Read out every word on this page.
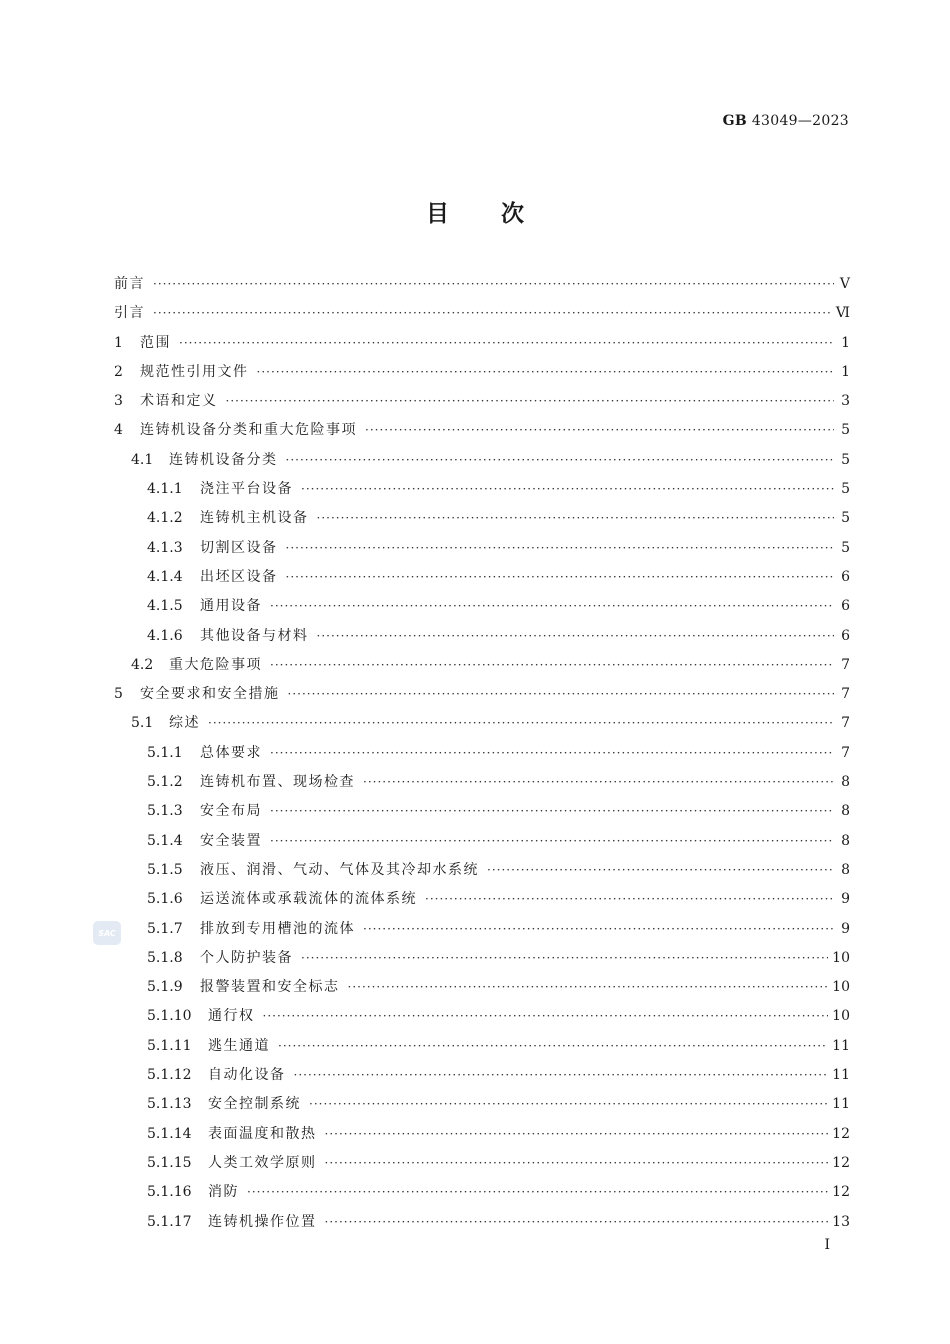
GB 43049—2023
目次
前言 ·····	Ⅴ
引言 ·····	Ⅵ
1	范围 ·····	1
2	规范性引用文件 ·····	1
3	术语和定义 ·····	3
4	连铸机设备分类和重大危险事项 ·····	5
4.1	连铸机设备分类 ·····	5
4.1.1	浇注平台设备 ·····	5
4.1.2	连铸机主机设备 ·····	5
4.1.3	切割区设备 ·····	5
4.1.4	出坯区设备 ·····	6
4.1.5	通用设备 ·····	6
4.1.6	其他设备与材料 ·····	6
4.2	重大危险事项 ·····	7
5	安全要求和安全措施 ·····	7
5.1	综述 ·····	7
5.1.1	总体要求 ·····	7
5.1.2	连铸机布置、现场检查 ·····	8
5.1.3	安全布局 ·····	8
5.1.4	安全装置 ·····	8
5.1.5	液压、润滑、气动、气体及其冷却水系统 ·····	8
5.1.6	运送流体或承载流体的流体系统 ·····	9
5.1.7	排放到专用槽池的流体 ·····	9
5.1.8	个人防护装备 ·····	10
5.1.9	报警装置和安全标志 ·····	10
5.1.10	通行权 ·····	10
5.1.11	逃生通道 ·····	11
5.1.12	自动化设备 ·····	11
5.1.13	安全控制系统 ·····	11
5.1.14	表面温度和散热 ·····	12
5.1.15	人类工效学原则 ·····	12
5.1.16	消防 ·····	12
5.1.17	连铸机操作位置 ·····	13
SAC
Ⅰ
